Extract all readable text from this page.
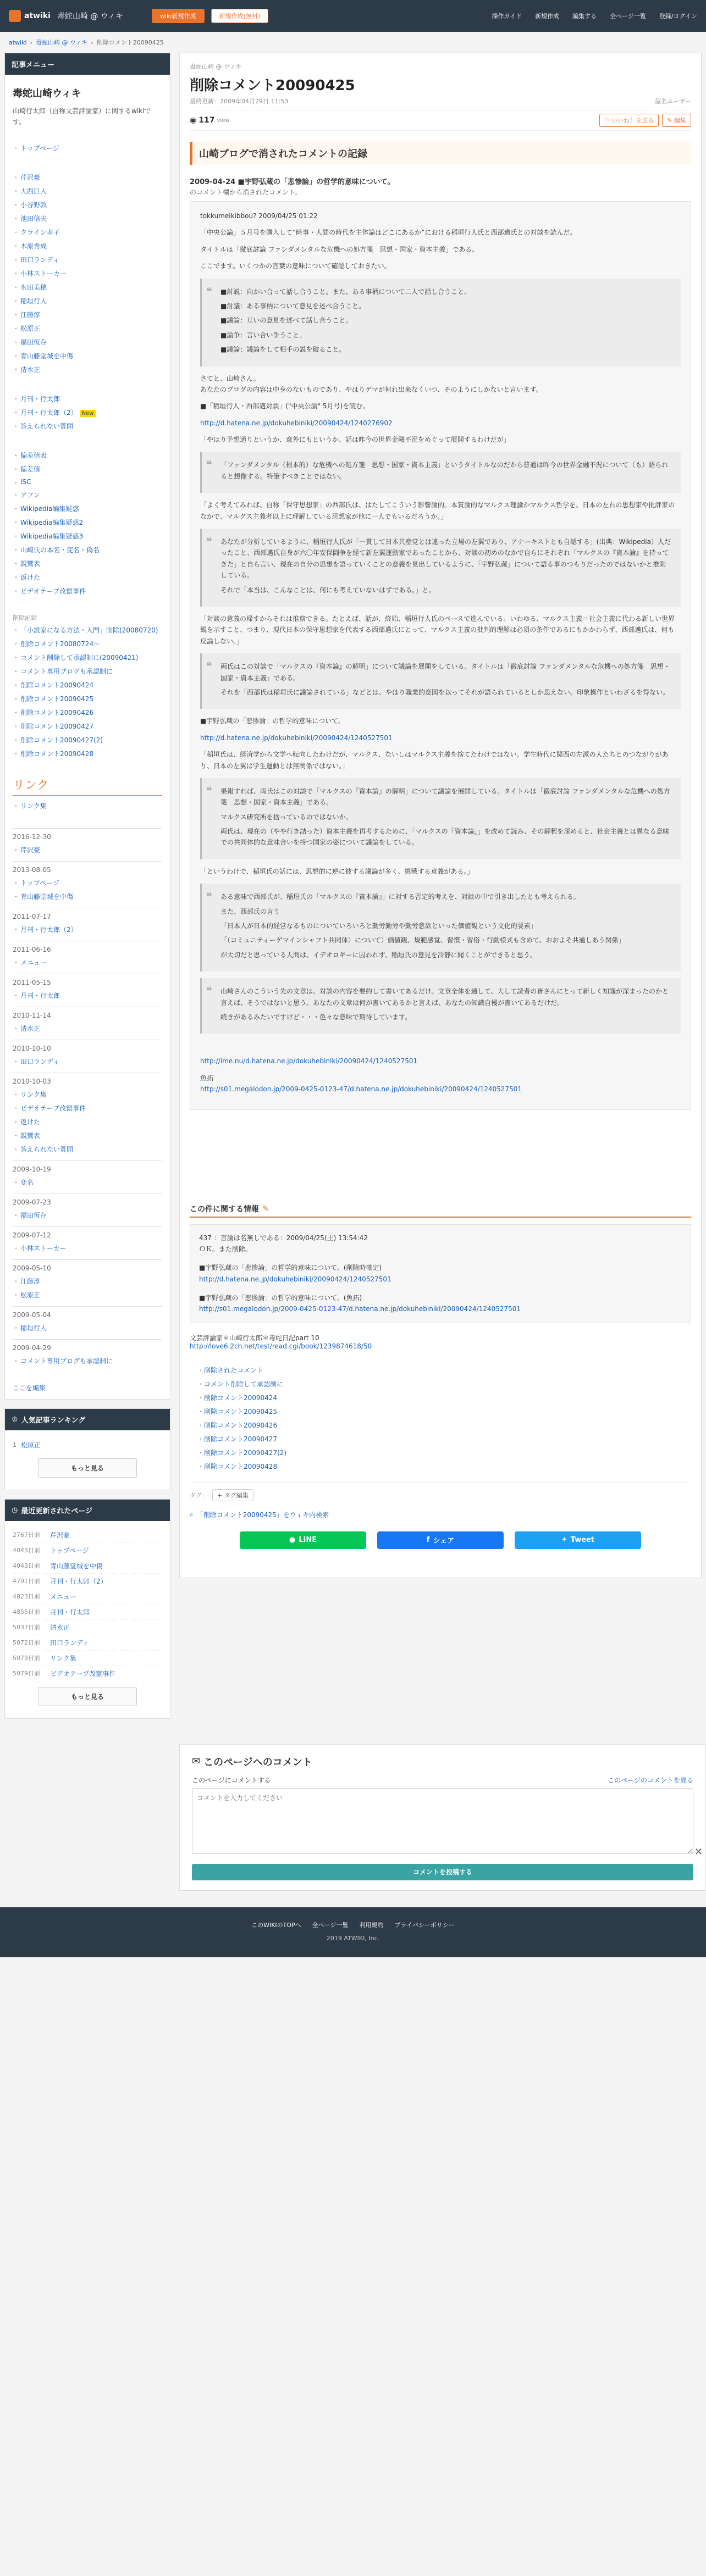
atwiki 毒蛇山崎 @ ウィキ	wiki新規作成	新規作成(無料)	操作ガイド 新規作成 編集する 全ページ一覧 登録/ログイン
atwiki › 毒蛇山崎 @ ウィキ › 削除コメント20090425
記事メニュー
毒蛇山崎ウィキ
山崎行太郎（自称文芸評論家）に関するwikiです。
・ トップページ
・ 芹沢豪
・ 大西巨人
・ 小谷野敦
・ 池田信夫
・ クライン孝子
・ 木原秀成
・ 田口ランディ
・ 小林ストーカー
・ 永田美穂
・ 稲垣行人
・ 江藤淳
・ 松原正
・ 福田恆存
・ 青山藤堂城を中傷
・ 清水正
・ 月刊・行太郎
・ 月刊・行太郎（2） New
・ 答えられない質問
・ 偏差値表
・ 偏差値
・ ISC
・ アフン
・ Wikipedia編集疑惑
・ Wikipedia編集疑惑2
・ Wikipedia編集疑惑3
・ 山崎氏の本名・変名・偽名
・ 親鸞表
・ 返けた
・ ビデオテープ改竄事件
削除記録
・ 「小説家になる方法・入門」削除(20080720)
・ 削除コメント20080724〜
・ コメント削除して承認制に(20090421)
・ コメント専用ブログも承認制に
・ 削除コメント20090424
・ 削除コメント20090425
・ 削除コメント20090426
・ 削除コメント20090427
・ 削除コメント20090427(2)
・ 削除コメント20090428
リンク
・ リンク集
2016-12-30
・ 芹沢豪
2013-08-05
・ トップページ
・ 青山藤堂城を中傷
2011-07-17
・ 月刊・行太郎（2）
2011-06-16
・ メニュー
2011-05-15
・ 月刊・行太郎
2010-11-14
・ 清水正
2010-10-10
・ 田口ランディ
2010-10-03
・ リンク集
・ ビデオテープ改竄事件
・ 返けた
・ 親鸞表
・ 答えられない質問
2009-10-19
・ 変名
2009-07-23
・ 福田恆存
2009-07-12
・ 小林ストーカー
2009-05-10
・ 江藤淳
・ 松原正
2009-05-04
・ 稲垣行人
2009-04-29
・ コメント専用ブログも承認制に
ここを編集
♔ 人気記事ランキング
1 松原正
もっと見る
◷ 最近更新されたページ
2767日前	芹沢豪
4043日前	トップページ
4043日前	青山藤堂城を中傷
4791日前	月刊・行太郎（2）
4823日前	メニュー
4855日前	月刊・行太郎
5037日前	清水正
5072日前	田口ランディ
5079日前	リンク集
5079日前	ビデオテープ改竄事件
もっと見る
毒蛇山崎 @ ウィキ
削除コメント20090425
最終更新：2009年04月29日 11:53	屋名ユーザー
◉ 117 view	♡ いいね！を送る	✎ 編集
山崎ブログで消されたコメントの記録
2009-04-24 ■宇野弘蔵の「悲惨論」の哲学的意味について。
のコメント欄から消されたコメント。

tokkumeikibbou? 2009/04/25 01:22

「中央公論」５月号を購入して“時事・人間の時代を主体論はどこにあるか”における稲垣行人氏と西部邁氏との対談を読んだ。

タイトルは「徹底討論 ファンダメンタルな危機への処方箋　思想・国家・資本主義」である。

ここでます。いくつかの言葉の意味について確認しておきたい。

❝ ■討説：向かい合って話し合うこと。また、ある事柄について二人で話し合うこと。

■討議：ある事柄について意見を述べ合うこと。

■議論：互いの意見を述べて話し合うこと。

■論争：言い合い争うこと。

■議論：議論をして相手の説を破ること。

さてと、山崎さん。
あなたのブログの内容は中身のないものであり、やはりデマが何れ出来なくいつ、そのようにしかないと言います。

■「稲垣行人・西部邁対談」("中央公論" 5月号)を読む。

http://d.hatena.ne.jp/dokuhebiniki/20090424/1240276902

「やはり予想通りというか、意外にもというか、話は昨今の世界金融不況をめぐって展開するわけだが」

❝ 「ファンダメンタル（根本的）な危機への処方箋　思想・国家・資本主義」というタイトルなのだから普通は昨今の世界金融不況について（も）語られると想像する。特筆すべきことではない。

「よく考えてみれば、自称「保守思想家」の西部氏は、はたしてこういう影響論的。本質論的なマルクス理論かマルクス哲学を、日本の左右の思想家や批評家のなかで、マルクス主義者以上に理解している思想家が他に一人でもいるだろうか。」

❝ あなたが分析しているように、稲垣行人氏が「一貫して日本共産党とは違った立場の左翼であり、アナーキストとも自認する」(出典：Wikipedia）人だったこと、西部邁氏自身が六〇年安保闘争を経て新左翼運動家であったことから、対談の初めのなかで自らにそれぞれ「マルクスの『資本論』を持ってきた」と自ら言い、現在の自分の思想を語っていくことの意義を見出しているように、「宇野弘蔵」について語る事のつもりだったのではないかと推測している。

それで「本当は、こんなことは、何にも考えていないはずである。」と。

「対談の意義の帰すからそれは推察できる。たとえば、話が、終始、稲垣行人氏のペースで進んでいる。いわゆる、マルクス主義＝社会主義に代わる新しい世界観を示すこと、つまり、現代日本の保守思想家を代表する西部邁氏にとって、マルクス主義の批判的理解は必須の条件であるにもかかわらず、西部邁氏は、何も反論しない。」

❝ 両氏はこの対談で「マルクスの『資本論』の解明」について議論を展開をしている。タイトルは「徹底討論 ファンダメンタルな危機への処方箋　思想・国家・資本主義」である。

それを「西部氏は稲垣氏に議論されている」などとは、やはり職業的意図を以ってそれが語られているとしか思えない。印象操作といわざるを得ない。

■宇野弘蔵の「悲惨論」の哲学的意味について。

http://d.hatena.ne.jp/dokuhebiniki/20090424/1240527501

「稲垣氏は、経済学から文学へ転向したわけだが、マルクス、ないしはマルクス主義を捨てたわけではない。学生時代に関西の左派の人たちとのつながりがあり、日本の左翼は学生運動とは無関係ではない。」

❝ 果報すれば、両氏はこの対談で「マルクスの『資本論』の解明」について議論を展開している。タイトルは「徹底討論 ファンダメンタルな危機への処方箋　思想・国家・資本主義」である。

マルクス研究所を捨っているのではないか。

両氏は、現在の（やや行き詰った）資本主義を再考するために、「マルクスの『資本論』」を改めて読み、その解釈を深めると、社会主義とは異なる意味での共同体的な意味合いを持つ国家の姿について議論をしている。

「というわけで、稲垣氏の話には、思想的に逆に彼する議論が多く、挑戦する意義がある。」

❝ ある意味で西部氏が、稲垣氏の「マルクスの『資本論』」に対する否定的考えを、対談の中で引き出したとも考えられる。

また、西部氏の言う

「日本人が日本的経営なるものについていろいろと勤労勤労や勤労意欲といった価値観という文化的要素」

「（コミュニティーゲマインシャフト共同体）について）価値観、規範感覚、習慣・習俗・行動様式も含めて、おおよそ共通しあう関係」

が大切だと思っている人間は、イデオロギーに囚われず、稲垣氏の意見を冷静に聞くことができると思う。

❝ 山崎さんのこういう先の文章は、対談の内容を要約して書いてあるだけ。文章全体を通して、大して読者の皆さんにとって新しく知識が深まったのかと言えば、そうではないと思う。あなたの文章は何が書いてあるかと言えば、あなたの知識自慢が書いてあるだけだ。

続きがあるみたいですけど・・・色々な意味で期待しています。

http://ime.nu/d.hatena.ne.jp/dokuhebiniki/20090424/1240527501

魚拓

http://s01.megalodon.jp/2009-0425-0123-47/d.hatena.ne.jp/dokuhebiniki/20090424/1240527501

この件に関する情報 ✎

437 ：言論は名無しである：2009/04/25(土) 13:54:42

ＯＫ。また削除。

■宇野弘蔵の「悲惨論」の哲学的意味について。(削除時確定)

http://d.hatena.ne.jp/dokuhebiniki/20090424/1240527501

■宇野弘蔵の「悲惨論」の哲学的意味について。(魚拓)

http://s01.megalodon.jp/2009-0425-0123-47/d.hatena.ne.jp/dokuhebiniki/20090424/1240527501

文芸評論家＊山崎行太郎＊毒蛇日記part 10
http://love6.2ch.net/test/read.cgi/book/1239874618/50
・ 削除されたコメント
・ コメント削除して承認制に
・ 削除コメント20090424
・ 削除コメント20090425
・ 削除コメント20090426
・ 削除コメント20090427
・ 削除コメント20090427(2)
・ 削除コメント20090428
タグ：	+ タグ編集
⌕ 「削除コメント20090425」をウィキ内検索
● LINE	f シェア	✦ Tweet
✕
✉ このページへのコメント
このページにコメントする	このページのコメントを見る
コメントを入力してください
コメントを投稿する
このWIKIのTOPへ 全ページ一覧 利用規約 プライバシーポリシー
2019 ATWIKI, Inc.
